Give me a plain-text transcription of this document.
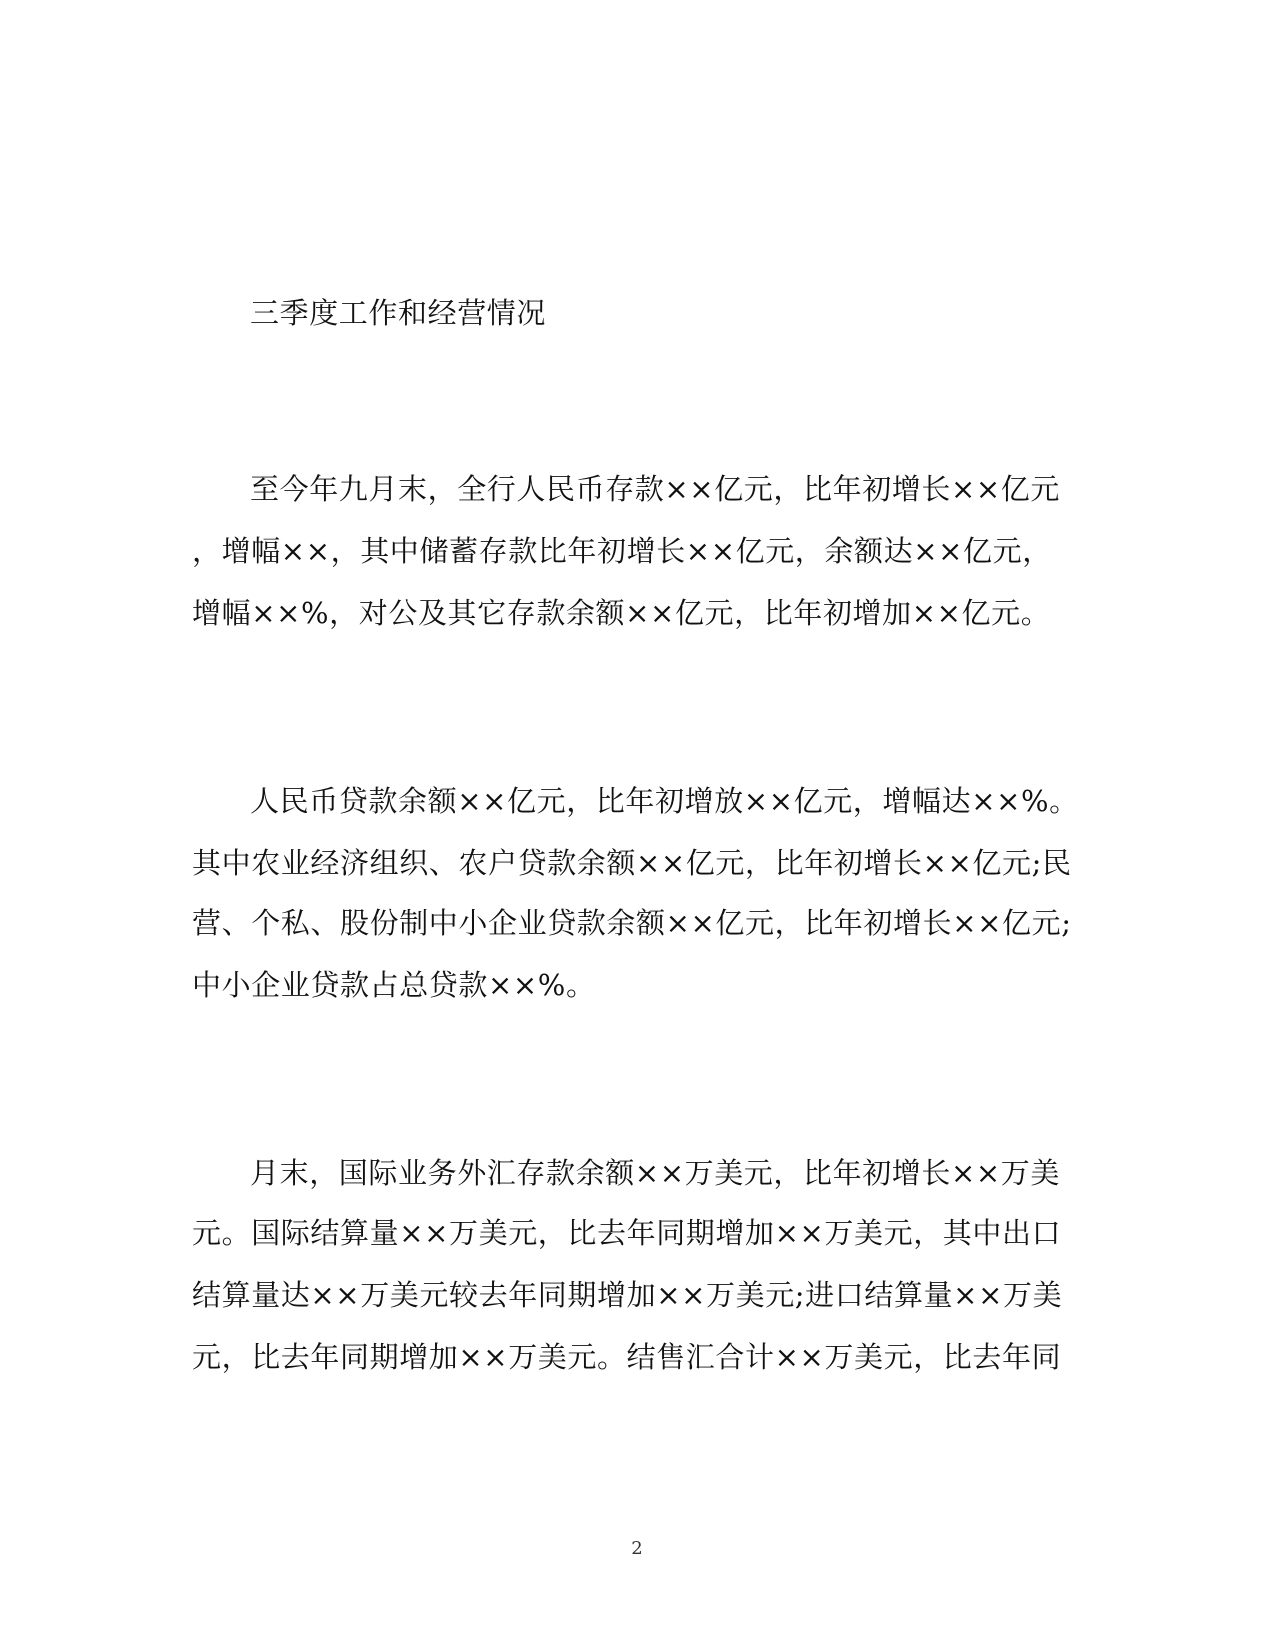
三季度工作和经营情况
至今年九月末，全行人民币存款××亿元，比年初增长××亿元
，增幅××，其中储蓄存款比年初增长××亿元，余额达××亿元，
增幅××%，对公及其它存款余额××亿元，比年初增加××亿元。
人民币贷款余额××亿元，比年初增放××亿元，增幅达××%。
其中农业经济组织、农户贷款余额××亿元，比年初增长××亿元;民
营、个私、股份制中小企业贷款余额××亿元，比年初增长××亿元;
中小企业贷款占总贷款××%。
月末，国际业务外汇存款余额××万美元，比年初增长××万美
元。国际结算量××万美元，比去年同期增加××万美元，其中出口
结算量达××万美元较去年同期增加××万美元;进口结算量××万美
元，比去年同期增加××万美元。结售汇合计××万美元，比去年同
2
